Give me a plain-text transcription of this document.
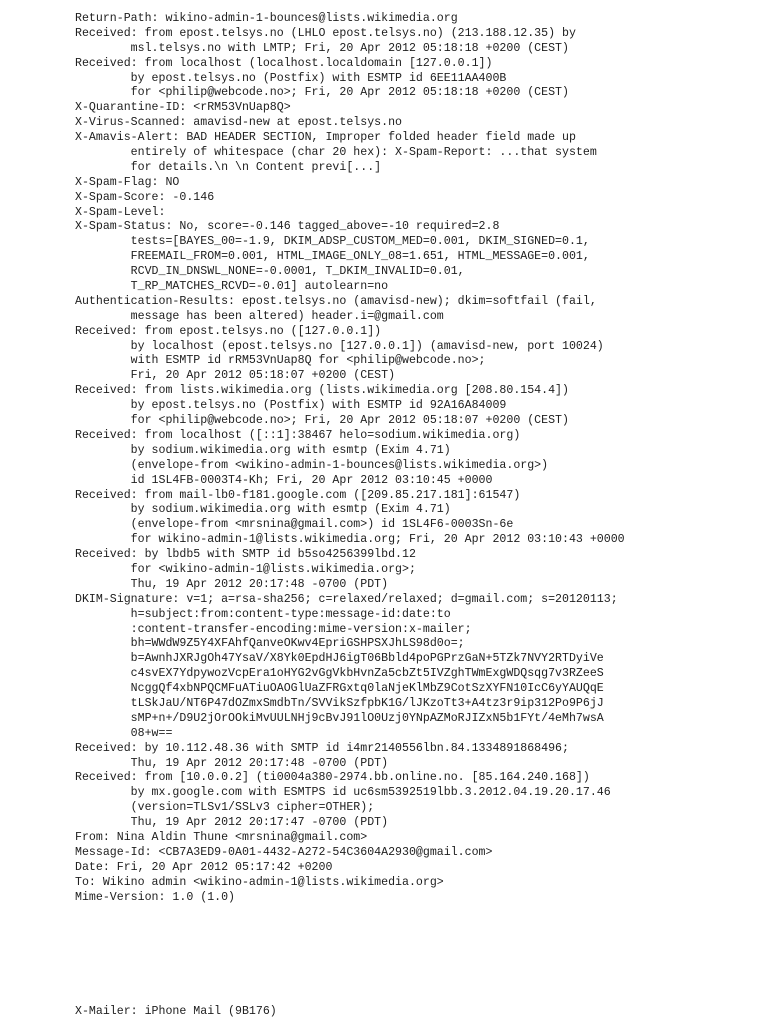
Return-Path: wikino-admin-1-bounces@lists.wikimedia.org
Received: from epost.telsys.no (LHLO epost.telsys.no) (213.188.12.35) by
msl.telsys.no with LMTP; Fri, 20 Apr 2012 05:18:18 +0200 (CEST)
Received: from localhost (localhost.localdomain [127.0.0.1])
by epost.telsys.no (Postfix) with ESMTP id 6EE11AA400B
for <philip@webcode.no>; Fri, 20 Apr 2012 05:18:18 +0200 (CEST)
X-Quarantine-ID: <rRM53VnUap8Q>
X-Virus-Scanned: amavisd-new at epost.telsys.no
X-Amavis-Alert: BAD HEADER SECTION, Improper folded header field made up
entirely of whitespace (char 20 hex): X-Spam-Report: ...that system
for details.\n \n Content previ[...]
X-Spam-Flag: NO
X-Spam-Score: -0.146
X-Spam-Level:
X-Spam-Status: No, score=-0.146 tagged_above=-10 required=2.8
tests=[BAYES_00=-1.9, DKIM_ADSP_CUSTOM_MED=0.001, DKIM_SIGNED=0.1,
FREEMAIL_FROM=0.001, HTML_IMAGE_ONLY_08=1.651, HTML_MESSAGE=0.001,
RCVD_IN_DNSWL_NONE=-0.0001, T_DKIM_INVALID=0.01,
T_RP_MATCHES_RCVD=-0.01] autolearn=no
Authentication-Results: epost.telsys.no (amavisd-new); dkim=softfail (fail,
message has been altered) header.i=@gmail.com
Received: from epost.telsys.no ([127.0.0.1])
by localhost (epost.telsys.no [127.0.0.1]) (amavisd-new, port 10024)
with ESMTP id rRM53VnUap8Q for <philip@webcode.no>;
Fri, 20 Apr 2012 05:18:07 +0200 (CEST)
Received: from lists.wikimedia.org (lists.wikimedia.org [208.80.154.4])
by epost.telsys.no (Postfix) with ESMTP id 92A16A84009
for <philip@webcode.no>; Fri, 20 Apr 2012 05:18:07 +0200 (CEST)
Received: from localhost ([::1]:38467 helo=sodium.wikimedia.org)
by sodium.wikimedia.org with esmtp (Exim 4.71)
(envelope-from <wikino-admin-1-bounces@lists.wikimedia.org>)
id 1SL4FB-0003T4-Kh; Fri, 20 Apr 2012 03:10:45 +0000
Received: from mail-lb0-f181.google.com ([209.85.217.181]:61547)
by sodium.wikimedia.org with esmtp (Exim 4.71)
(envelope-from <mrsnina@gmail.com>) id 1SL4F6-0003Sn-6e
for wikino-admin-1@lists.wikimedia.org; Fri, 20 Apr 2012 03:10:43 +0000
Received: by lbdb5 with SMTP id b5so4256399lbd.12
for <wikino-admin-1@lists.wikimedia.org>;
Thu, 19 Apr 2012 20:17:48 -0700 (PDT)
DKIM-Signature: v=1; a=rsa-sha256; c=relaxed/relaxed; d=gmail.com; s=20120113;
h=subject:from:content-type:message-id:date:to
:content-transfer-encoding:mime-version:x-mailer;
bh=WWdW9Z5Y4XFAhfQanveOKwv4EpriGSHPSXJhLS98d0o=;
b=AwnhJXRJgOh47YsaV/X8Yk0EpdHJ6igT06Bbld4poPGPrzGaN+5TZk7NVY2RTDyiVe
c4svEX7YdpywozVcpEra1oHYG2vGgVkbHvnZa5cbZt5IVZghTWmExgWDQsqg7v3RZeeS
NcggQf4xbNPQCMFuATiuOAOGlUaZFRGxtq0laNjeKlMbZ9CotSzXYFN10IcC6yYAUQqE
tLSkJaU/NT6P47dOZmxSmdbTn/SVVikSzfpbK1G/lJKzoTt3+A4tz3r9ip312Po9P6jJ
sMP+n+/D9U2jOrOOkiMvUULNHj9cBvJ91lO0Uzj0YNpAZMoRJIZxN5b1FYt/4eMh7wsA
08+w==
Received: by 10.112.48.36 with SMTP id i4mr2140556lbn.84.1334891868496;
Thu, 19 Apr 2012 20:17:48 -0700 (PDT)
Received: from [10.0.0.2] (ti0004a380-2974.bb.online.no. [85.164.240.168])
by mx.google.com with ESMTPS id uc6sm5392519lbb.3.2012.04.19.20.17.46
(version=TLSv1/SSLv3 cipher=OTHER);
Thu, 19 Apr 2012 20:17:47 -0700 (PDT)
From: Nina Aldin Thune <mrsnina@gmail.com>
Message-Id: <CB7A3ED9-0A01-4432-A272-54C3604A2930@gmail.com>
Date: Fri, 20 Apr 2012 05:17:42 +0200
To: Wikino admin <wikino-admin-1@lists.wikimedia.org>
Mime-Version: 1.0 (1.0)
X-Mailer: iPhone Mail (9B176)
